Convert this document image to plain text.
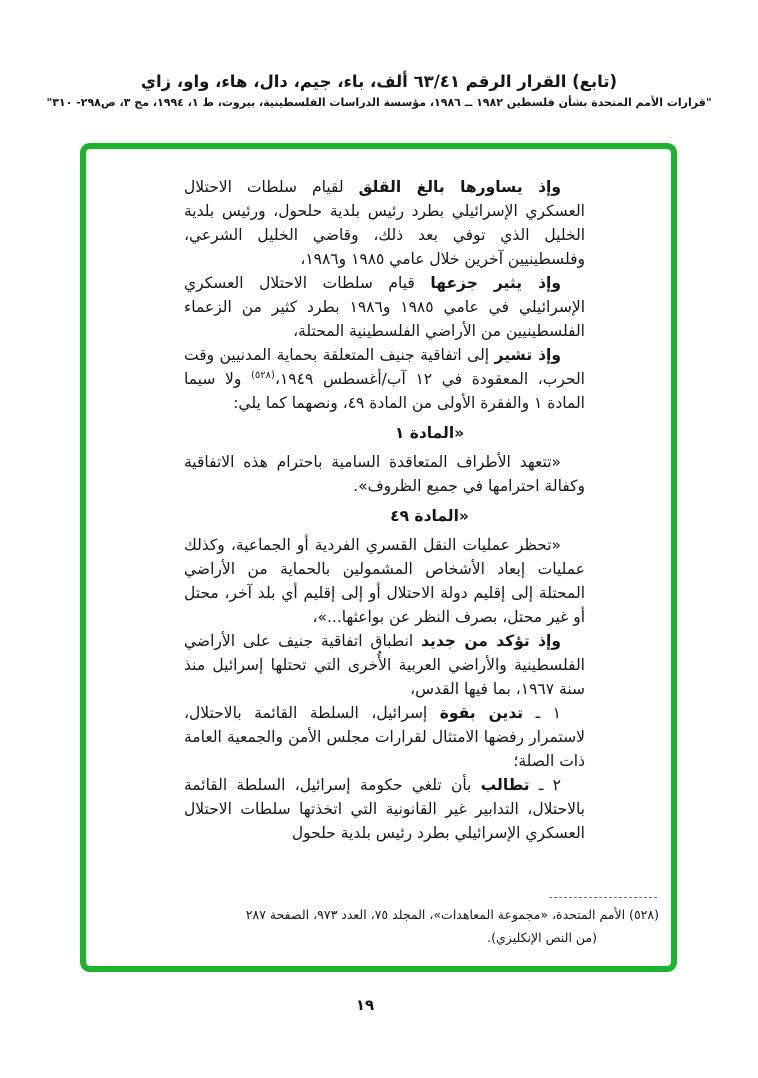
(تابع) القرار الرقم ٦٣/٤١ ألف، باء، جيم، دال، هاء، واو، زاي
"قرارات الأمم المتحدة بشأن فلسطين ١٩٨٢ ــ ١٩٨٦، مؤسسة الدراسات الفلسطينية، بيروت، ط ١، ١٩٩٤، مج ٣، ص٢٩٨- ٣١٠"

وإذ يساورها بالغ القلق لقيام سلطات الاحتلال العسكري الإسرائيلي بطرد رئيس بلدية حلحول، ورئيس بلدية الخليل الذي توفي بعد ذلك، وقاضي الخليل الشرعي، وفلسطينيين آخرين خلال عامي ١٩٨٥ و١٩٨٦،

وإذ يثير جزعها قيام سلطات الاحتلال العسكري الإسرائيلي في عامي ١٩٨٥ و١٩٨٦ بطرد كثير من الزعماء الفلسطينيين من الأراضي الفلسطينية المحتلة،

وإذ تشير إلى اتفاقية جنيف المتعلقة بحماية المدنيين وقت الحرب، المعقودة في ١٢ آب/أغسطس ١٩٤٩،$^{(٥٢٨)}$ ولا سيما المادة ١ والفقرة الأولى من المادة ٤٩، ونصهما كما يلي:

«المادة ١

«تتعهد الأطراف المتعاقدة السامية باحترام هذه الاتفاقية وكفالة احترامها في جميع الظروف».

«المادة ٤٩

«تحظر عمليات النقل القسري الفردية أو الجماعية، وكذلك عمليات إبعاد الأشخاص المشمولين بالحماية من الأراضي المحتلة إلى إقليم دولة الاحتلال أو إلى إقليم أي بلد آخر، محتل أو غير محتل، بصرف النظر عن بواعثها...»،

وإذ تؤكد من جديد انطباق اتفاقية جنيف على الأراضي الفلسطينية والأراضي العربية الأُخرى التي تحتلها إسرائيل منذ سنة ١٩٦٧، بما فيها القدس،

١ ـ تدين بقوة إسرائيل، السلطة القائمة بالاحتلال، لاستمرار رفضها الامتثال لقرارات مجلس الأمن والجمعية العامة ذات الصلة؛

٢ ـ تطالب بأن تلغي حكومة إسرائيل، السلطة القائمة بالاحتلال، التدابير غير القانونية التي اتخذتها سلطات الاحتلال العسكري الإسرائيلي بطرد رئيس بلدية حلحول

(٥٢٨) الأمم المتحدة، «مجموعة المعاهدات»، المجلد ٧٥، العدد ٩٧٣، الصفحة ٢٨٧ (من النص الإنكليزي).
١٩
